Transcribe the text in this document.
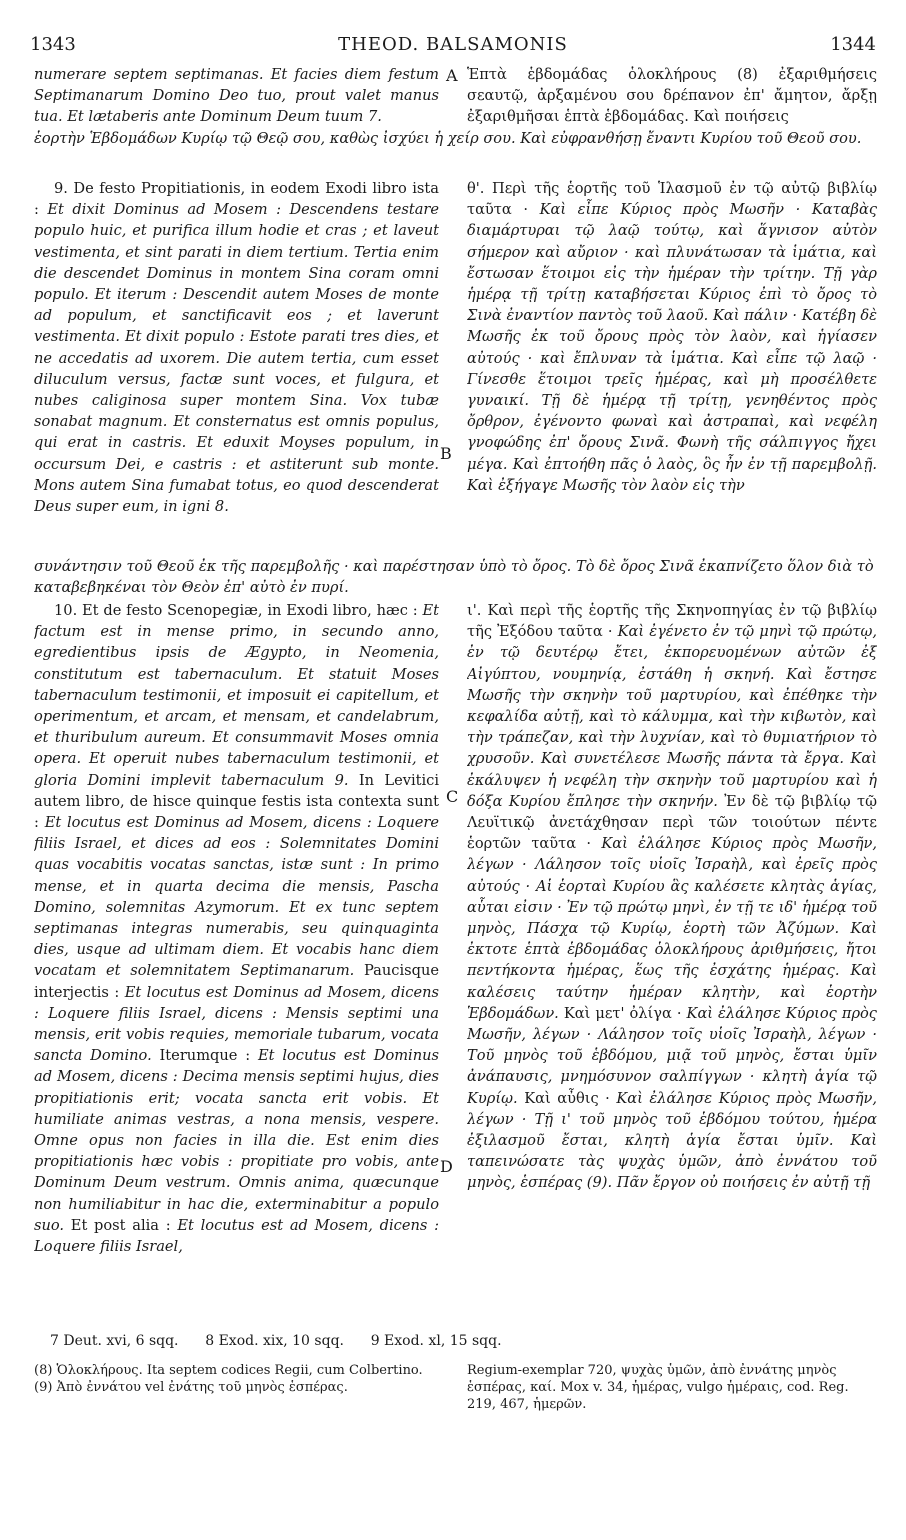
1343	THEOD. BALSAMONIS	1344
A
B
C
D

numerare septem septimanas. Et facies diem festum Septimanarum Domino Deo tuo, prout valet manus tua. Et lætaberis ante Dominum Deum tuum 7.

Ἑπτὰ ἑβδομάδας ὁλοκλήρους (8) ἐξαριθμήσεις σεαυτῷ, ἀρξαμένου σου δρέπανον ἐπ' ἄμητον, ἄρξῃ ἐξαριθμῆσαι ἑπτὰ ἑβδομάδας. Καὶ ποιήσεις

ἑορτὴν Ἑβδομάδων Κυρίῳ τῷ Θεῷ σου, καθὼς ἰσχύει ἡ χείρ σου. Καὶ εὐφρανθήσῃ ἔναντι Κυρίου τοῦ Θεοῦ σου.

9. De festo Propitiationis, in eodem Exodi libro ista : Et dixit Dominus ad Mosem : Descendens testare populo huic, et purifica illum hodie et cras ; et laveut vestimenta, et sint parati in diem tertium. Tertia enim die descendet Dominus in montem Sina coram omni populo. Et iterum : Descendit autem Moses de monte ad populum, et sanctificavit eos ; et laverunt vestimenta. Et dixit populo : Estote parati tres dies, et ne accedatis ad uxorem. Die autem tertia, cum esset diluculum versus, factæ sunt voces, et fulgura, et nubes caliginosa super montem Sina. Vox tubæ sonabat magnum. Et consternatus est omnis populus, qui erat in castris. Et eduxit Moyses populum, in occursum Dei, e castris : et astiterunt sub monte. Mons autem Sina fumabat totus, eo quod descenderat Deus super eum, in igni 8.

θ'. Περὶ τῆς ἑορτῆς τοῦ Ἱλασμοῦ ἐν τῷ αὐτῷ βιβλίῳ ταῦτα · Καὶ εἶπε Κύριος πρὸς Μωσῆν · Καταβὰς διαμάρτυραι τῷ λαῷ τούτῳ, καὶ ἅγνισον αὐτὸν σήμερον καὶ αὔριον · καὶ πλυνάτωσαν τὰ ἱμάτια, καὶ ἔστωσαν ἕτοιμοι εἰς τὴν ἡμέραν τὴν τρίτην. Τῇ γὰρ ἡμέρᾳ τῇ τρίτῃ καταβήσεται Κύριος ἐπὶ τὸ ὄρος τὸ Σινὰ ἐναντίον παντὸς τοῦ λαοῦ. Καὶ πάλιν · Κατέβη δὲ Μωσῆς ἐκ τοῦ ὄρους πρὸς τὸν λαὸν, καὶ ἡγίασεν αὐτούς · καὶ ἔπλυναν τὰ ἱμάτια. Καὶ εἶπε τῷ λαῷ · Γίνεσθε ἕτοιμοι τρεῖς ἡμέρας, καὶ μὴ προσέλθετε γυναικί. Τῇ δὲ ἡμέρᾳ τῇ τρίτῃ, γενηθέντος πρὸς ὄρθρον, ἐγένοντο φωναὶ καὶ ἀστραπαὶ, καὶ νεφέλη γνοφώδης ἐπ' ὄρους Σινᾶ. Φωνὴ τῆς σάλπιγγος ἤχει μέγα. Καὶ ἐπτοήθη πᾶς ὁ λαὸς, ὃς ἦν ἐν τῇ παρεμβολῇ. Καὶ ἐξήγαγε Μωσῆς τὸν λαὸν εἰς τὴν

συνάντησιν τοῦ Θεοῦ ἐκ τῆς παρεμβολῆς · καὶ παρέστησαν ὑπὸ τὸ ὄρος. Τὸ δὲ ὄρος Σινᾶ ἐκαπνίζετο ὅλον διὰ τὸ καταβεβηκέναι τὸν Θεὸν ἐπ' αὐτὸ ἐν πυρί.

10. Et de festo Scenopegiæ, in Exodi libro, hæc : Et factum est in mense primo, in secundo anno, egredientibus ipsis de Ægypto, in Neomenia, constitutum est tabernaculum. Et statuit Moses tabernaculum testimonii, et imposuit ei capitellum, et operimentum, et arcam, et mensam, et candelabrum, et thuribulum aureum. Et consummavit Moses omnia opera. Et operuit nubes tabernaculum testimonii, et gloria Domini implevit tabernaculum 9. In Levitici autem libro, de hisce quinque festis ista contexta sunt : Et locutus est Dominus ad Mosem, dicens : Loquere filiis Israel, et dices ad eos : Solemnitates Domini quas vocabitis vocatas sanctas, istæ sunt : In primo mense, et in quarta decima die mensis, Pascha Domino, solemnitas Azymorum. Et ex tunc septem septimanas integras numerabis, seu quinquaginta dies, usque ad ultimam diem. Et vocabis hanc diem vocatam et solemnitatem Septimanarum. Paucisque interjectis : Et locutus est Dominus ad Mosem, dicens : Loquere filiis Israel, dicens : Mensis septimi una mensis, erit vobis requies, memoriale tubarum, vocata sancta Domino. Iterumque : Et locutus est Dominus ad Mosem, dicens : Decima mensis septimi hujus, dies propitiationis erit; vocata sancta erit vobis. Et humiliate animas vestras, a nona mensis, vespere. Omne opus non facies in illa die. Est enim dies propitiationis hæc vobis : propitiate pro vobis, ante Dominum Deum vestrum. Omnis anima, quæcunque non humiliabitur in hac die, exterminabitur a populo suo. Et post alia : Et locutus est ad Mosem, dicens : Loquere filiis Israel,

ι'. Καὶ περὶ τῆς ἑορτῆς τῆς Σκηνοπηγίας ἐν τῷ βιβλίῳ τῆς Ἐξόδου ταῦτα · Καὶ ἐγένετο ἐν τῷ μηνὶ τῷ πρώτῳ, ἐν τῷ δευτέρῳ ἔτει, ἐκπορευομένων αὐτῶν ἐξ Αἰγύπτου, νουμηνίᾳ, ἐστάθη ἡ σκηνή. Καὶ ἔστησε Μωσῆς τὴν σκηνὴν τοῦ μαρτυρίου, καὶ ἐπέθηκε τὴν κεφαλίδα αὐτῇ, καὶ τὸ κάλυμμα, καὶ τὴν κιβωτὸν, καὶ τὴν τράπεζαν, καὶ τὴν λυχνίαν, καὶ τὸ θυμιατήριον τὸ χρυσοῦν. Καὶ συνετέλεσε Μωσῆς πάντα τὰ ἔργα. Καὶ ἐκάλυψεν ἡ νεφέλη τὴν σκηνὴν τοῦ μαρτυρίου καὶ ἡ δόξα Κυρίου ἔπλησε τὴν σκηνήν. Ἐν δὲ τῷ βιβλίῳ τῷ Λευϊτικῷ ἀνετάχθησαν περὶ τῶν τοιούτων πέντε ἑορτῶν ταῦτα · Καὶ ἐλάλησε Κύριος πρὸς Μωσῆν, λέγων · Λάλησον τοῖς υἱοῖς Ἰσραὴλ, καὶ ἐρεῖς πρὸς αὐτούς · Αἱ ἑορταὶ Κυρίου ἃς καλέσετε κλητὰς ἁγίας, αὗται εἰσιν · Ἐν τῷ πρώτῳ μηνὶ, ἐν τῇ τε ιδ' ἡμέρᾳ τοῦ μηνὸς, Πάσχα τῷ Κυρίῳ, ἑορτὴ τῶν Ἀζύμων. Καὶ ἐκτοτε ἑπτὰ ἑβδομάδας ὁλοκλήρους ἀριθμήσεις, ἤτοι πεντήκοντα ἡμέρας, ἕως τῆς ἐσχάτης ἡμέρας. Καὶ καλέσεις ταύτην ἡμέραν κλητὴν, καὶ ἑορτὴν Ἑβδομάδων. Καὶ μετ' ὀλίγα · Καὶ ἐλάλησε Κύριος πρὸς Μωσῆν, λέγων · Λάλησον τοῖς υἱοῖς Ἰσραὴλ, λέγων · Τοῦ μηνὸς τοῦ ἑβδόμου, μιᾷ τοῦ μηνὸς, ἔσται ὑμῖν ἀνάπαυσις, μνημόσυνον σαλπίγγων · κλητὴ ἁγία τῷ Κυρίῳ. Καὶ αὖθις · Καὶ ἐλάλησε Κύριος πρὸς Μωσῆν, λέγων · Τῇ ι' τοῦ μηνὸς τοῦ ἑβδόμου τούτου, ἡμέρα ἐξιλασμοῦ ἔσται, κλητὴ ἁγία ἔσται ὑμῖν. Καὶ ταπεινώσατε τὰς ψυχὰς ὑμῶν, ἀπὸ ἐννάτου τοῦ μηνὸς, ἑσπέρας (9). Πᾶν ἔργον οὐ ποιήσεις ἐν αὐτῇ τῇ

7 Deut. xvi, 6 sqq. 8 Exod. xix, 10 sqq. 9 Exod. xl, 15 sqq.
(8) Ὁλοκλήρους. Ita septem codices Regii, cum Colbertino. (9) Ἀπὸ ἐννάτου vel ἐνάτης τοῦ μηνὸς ἑσπέρας.
Regium-exemplar 720, ψυχὰς ὑμῶν, ἀπὸ ἐννάτης μηνὸς ἑσπέρας, καί. Mox v. 34, ἡμέρας, vulgo ἡμέραις, cod. Reg. 219, 467, ἡμερῶν.
